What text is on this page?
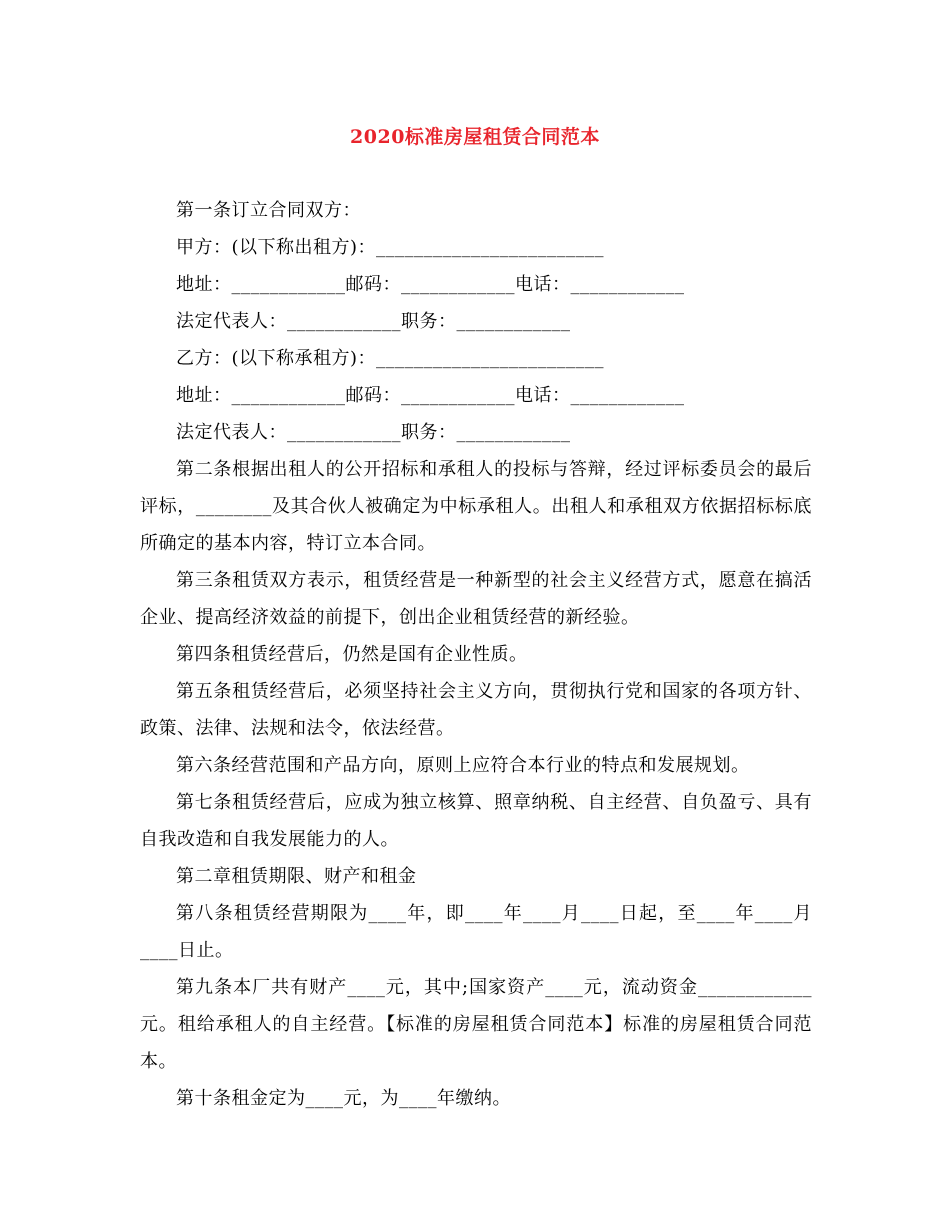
2020标准房屋租赁合同范本

第一条订立合同双方：

甲方：(以下称出租方)：________________________

地址：____________邮码：____________电话：____________

法定代表人：____________职务：____________

乙方：(以下称承租方)：________________________

地址：____________邮码：____________电话：____________

法定代表人：____________职务：____________

第二条根据出租人的公开招标和承租人的投标与答辩，经过评标委员会的最后评标，________及其合伙人被确定为中标承租人。出租人和承租双方依据招标标底所确定的基本内容，特订立本合同。

第三条租赁双方表示，租赁经营是一种新型的社会主义经营方式，愿意在搞活企业、提高经济效益的前提下，创出企业租赁经营的新经验。

第四条租赁经营后，仍然是国有企业性质。

第五条租赁经营后，必须坚持社会主义方向，贯彻执行党和国家的各项方针、政策、法律、法规和法令，依法经营。

第六条经营范围和产品方向，原则上应符合本行业的特点和发展规划。

第七条租赁经营后，应成为独立核算、照章纳税、自主经营、自负盈亏、具有自我改造和自我发展能力的人。

第二章租赁期限、财产和租金

第八条租赁经营期限为____年，即____年____月____日起，至____年____月____日止。

第九条本厂共有财产____元，其中;国家资产____元，流动资金____________元。租给承租人的自主经营。【标准的房屋租赁合同范本】标准的房屋租赁合同范本。

第十条租金定为____元，为____年缴纳。
